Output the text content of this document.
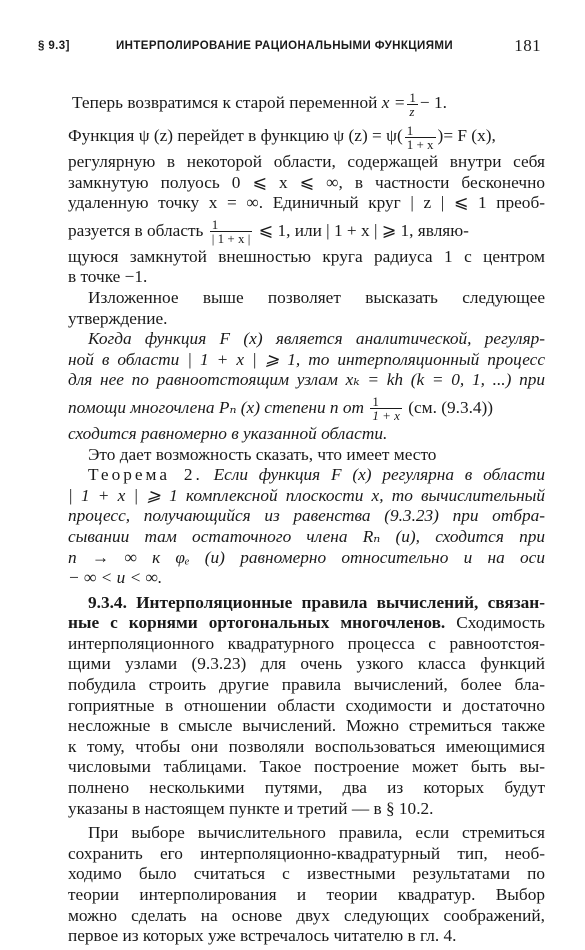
§ 9.3]	ИНТЕРПОЛИРОВАНИЕ РАЦИОНАЛЬНЫМИ ФУНКЦИЯМИ	181
Теперь возвратимся к старой переменной $x = \frac{1}{z} - 1$.
Функция ψ (z) перейдет в функцию ψ $(z) = \psi( \frac{1}{1 + x}$ )= F (x),
регулярную в некоторой области, содержащей внутри себя
замкнутую полуось 0 ⩽ x ⩽ ∞, в частности бесконечно
удаленную точку x = ∞. Единичный круг | z | ⩽ 1 преоб-
разуется в область $\frac{1}{| 1 + x |}$ ⩽ 1, или | 1 + x | ⩾ 1, являю-
щуюся замкнутой внешностью круга радиуса 1 с центром
в точке −1.
Изложенное выше позволяет высказать следующее
утверждение.
Когда функция F (x) является аналитической, регуляр-
ной в области | 1 + x | ⩾ 1, то интерполяционный процесс
для нее по равноотстоящим узлам xₖ = kh (k = 0, 1, ...) при
помощи многочлена Pₙ (x) степени n от $\frac{1}{1 + x} (см$. (9.3.4))
сходится равномерно в указанной области.
Это дает возможность сказать, что имеет место
Теорема 2. Если функция F (x) регулярна в области
| 1 + x | ⩾ 1 комплексной плоскости x, то вычислительный
процесс, получающийся из равенства (9.3.23) при отбра-
сывании там остаточного члена Rₙ (u), сходится при
n → ∞ к φₑ (u) равномерно относительно и на оси
− ∞ < u < ∞.
9.3.4. Интерполяционные правила вычислений, связан-
ные с корнями ортогональных многочленов. Сходимость
интерполяционного квадратурного процесса с равноотстоя-
щими узлами (9.3.23) для очень узкого класса функций
побудила строить другие правила вычислений, более бла-
гоприятные в отношении области сходимости и достаточно
несложные в смысле вычислений. Можно стремиться также
к тому, чтобы они позволяли воспользоваться имеющимися
числовыми таблицами. Такое построение может быть вы-
полнено несколькими путями, два из которых будут
указаны в настоящем пункте и третий — в § 10.2.
При выборе вычислительного правила, если стремиться
сохранить его интерполяционно-квадратурный тип, необ-
ходимо было считаться с известными результатами по
теории интерполирования и теории квадратур. Выбор
можно сделать на основе двух следующих соображений,
первое из которых уже встречалось читателю в гл. 4.
